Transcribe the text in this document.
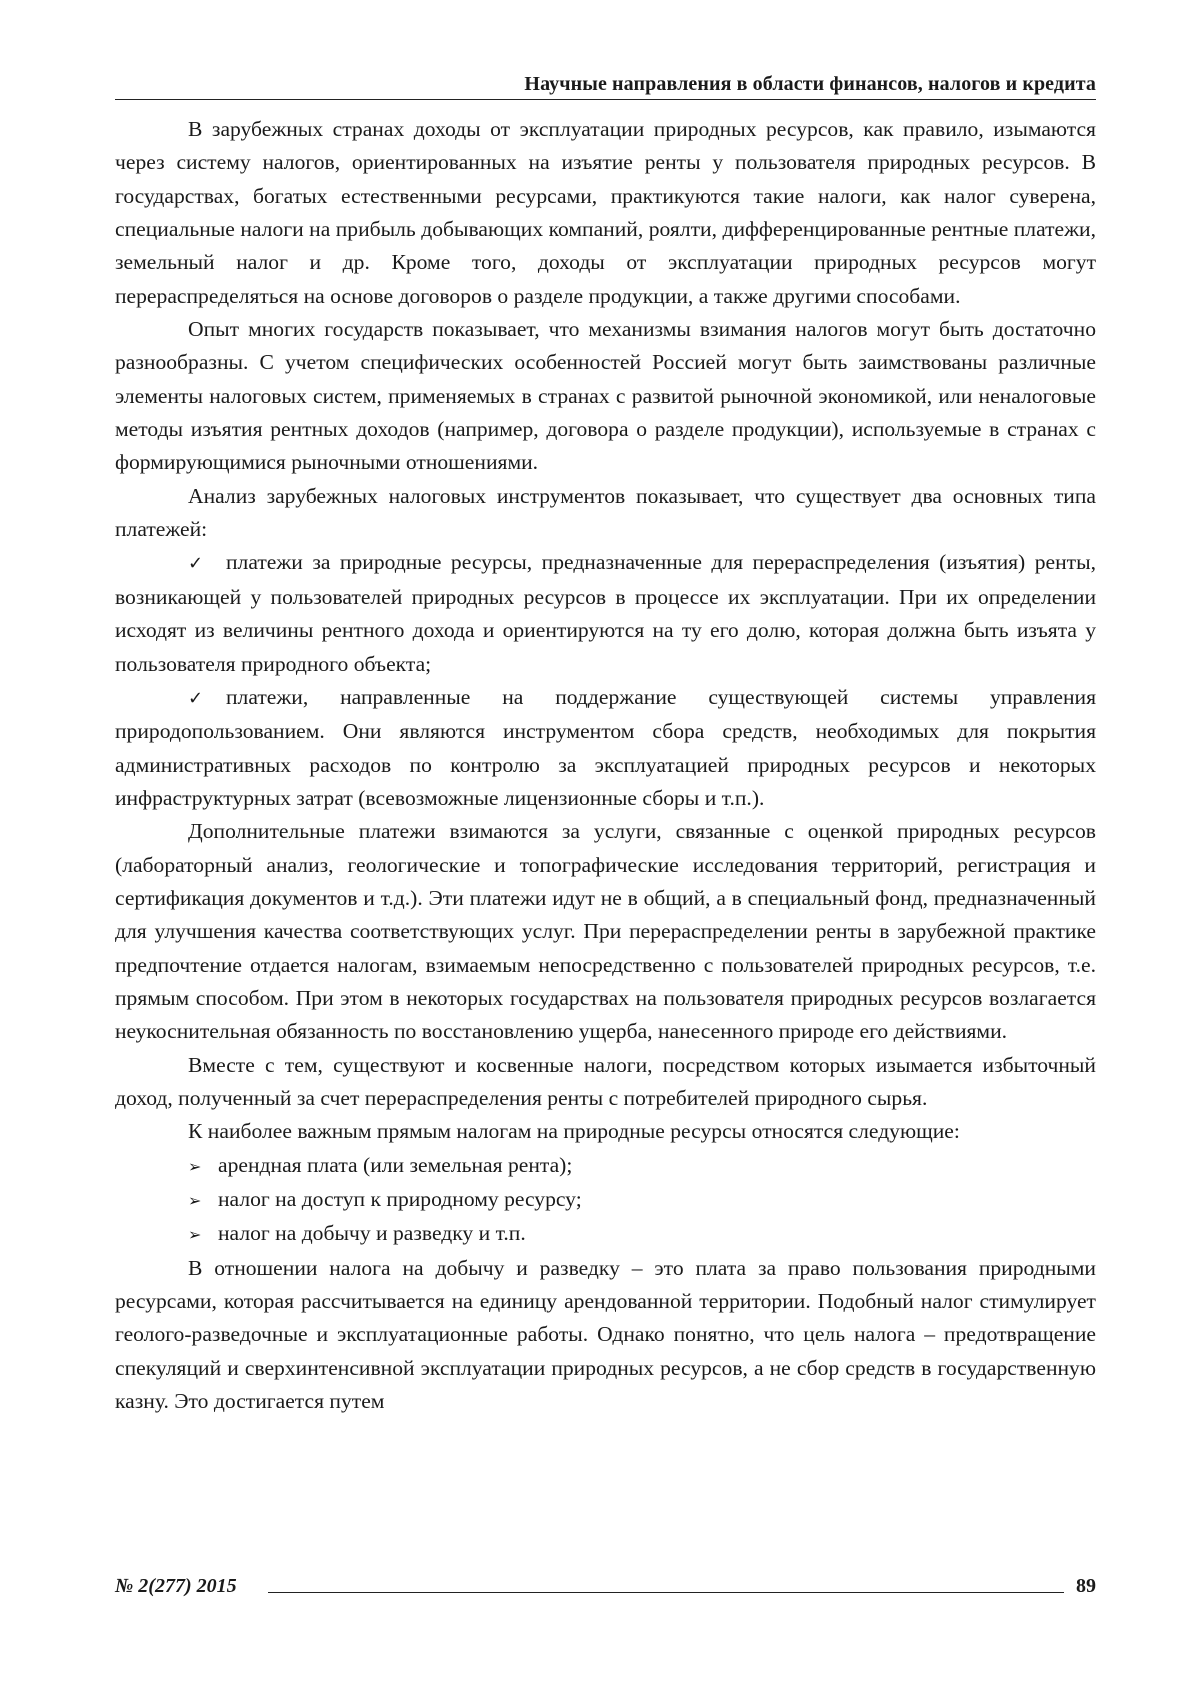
Научные направления в области финансов, налогов и кредита

В зарубежных странах доходы от эксплуатации природных ресурсов, как правило, изымаются через систему налогов, ориентированных на изъятие ренты у пользователя природных ресурсов. В государствах, богатых естественными ресурсами, практикуются такие налоги, как налог суверена, специальные налоги на прибыль добывающих компаний, роялти, дифференцированные рентные платежи, земельный налог и др. Кроме того, доходы от эксплуатации природных ресурсов могут перераспределяться на основе договоров о разделе продукции, а также другими способами.

Опыт многих государств показывает, что механизмы взимания налогов могут быть достаточно разнообразны. С учетом специфических особенностей Россией могут быть заимствованы различные элементы налоговых систем, применяемых в странах с развитой рыночной экономикой, или неналоговые методы изъятия рентных доходов (например, договора о разделе продукции), используемые в странах с формирующимися рыночными отношениями.

Анализ зарубежных налоговых инструментов показывает, что существует два основных типа платежей:

✓ платежи за природные ресурсы, предназначенные для перераспределения (изъятия) ренты, возникающей у пользователей природных ресурсов в процессе их эксплуатации. При их определении исходят из величины рентного дохода и ориентируются на ту его долю, которая должна быть изъята у пользователя природного объекта;

✓ платежи, направленные на поддержание существующей системы управления природопользованием. Они являются инструментом сбора средств, необходимых для покрытия административных расходов по контролю за эксплуатацией природных ресурсов и некоторых инфраструктурных затрат (всевозможные лицензионные сборы и т.п.).

Дополнительные платежи взимаются за услуги, связанные с оценкой природных ресурсов (лабораторный анализ, геологические и топографические исследования территорий, регистрация и сертификация документов и т.д.). Эти платежи идут не в общий, а в специальный фонд, предназначенный для улучшения качества соответствующих услуг. При перераспределении ренты в зарубежной практике предпочтение отдается налогам, взимаемым непосредственно с пользователей природных ресурсов, т.е. прямым способом. При этом в некоторых государствах на пользователя природных ресурсов возлагается неукоснительная обязанность по восстановлению ущерба, нанесенного природе его действиями.

Вместе с тем, существуют и косвенные налоги, посредством которых изымается избыточный доход, полученный за счет перераспределения ренты с потребителей природного сырья.

К наиболее важным прямым налогам на природные ресурсы относятся следующие:

➢ арендная плата (или земельная рента);

➢ налог на доступ к природному ресурсу;

➢ налог на добычу и разведку и т.п.

В отношении налога на добычу и разведку – это плата за право пользования природными ресурсами, которая рассчитывается на единицу арендованной территории. Подобный налог стимулирует геолого-разведочные и эксплуатационные работы. Однако понятно, что цель налога – предотвращение спекуляций и сверхинтенсивной эксплуатации природных ресурсов, а не сбор средств в государственную казну. Это достигается путем

№ 2(277) 2015	89
